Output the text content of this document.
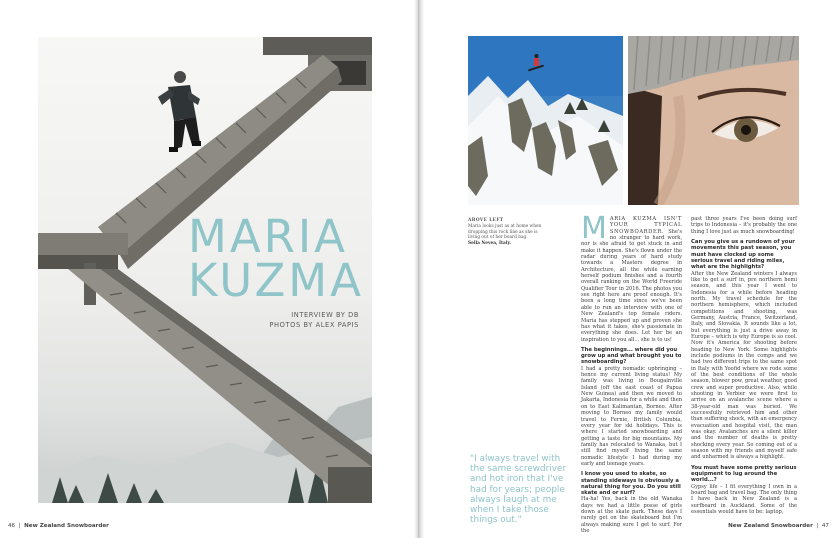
MARIA
KUZMA
INTERVIEW BY DB
PHOTOS BY ALEX PAPIS
46  |  New Zealand Snowboarder
ABOVE LEFT
Maria looks just as at home when dropping this rock line as she is living out of her board bag.
Sella Nevea, Italy.
"I always travel with the same screwdriver and hot iron that I've had for years; people always laugh at me when I take those things out."

M ARIA KUZMA ISN'T YOUR TYPICAL SNOWBOARDER. She's no stranger to hard work, nor is she afraid to get stuck in and make it happen. She's flown under the radar during years of hard study towards a Masters degree in Architecture, all the while earning herself podium finishes and a fourth overall ranking on the World Freeride Qualifier Tour in 2016. The photos you see right here are proof enough. It's been a long time since we've been able to run an interview with one of New Zealand's top female riders. Maria has stepped up and proven she has what it takes, she's passionate in everything she does. Let her be an inspiration to you all... she is to us!

The beginnings... where did you grow up and what brought you to snowboarding?

I had a pretty nomadic upbringing – hence my current living status! My family was living in Bougainville Island (off the east coast of Papua New Guinea) and then we moved to Jakarta, Indonesia for a while and then on to East Kalimantan, Borneo. After moving to Borneo my family would travel to Fernie, British Columbia, every year for ski holidays. This is where I started snowboarding and getting a taste for big mountains. My family has relocated to Wanaka, but I still find myself living the same nomadic lifestyle I had during my early and teenage years.

I know you used to skate, so standing sideways is obviously a natural thing for you. Do you still skate and or surf?

Ha-ha! Yes, back in the old Wanaka days we had a little posse of girls down at the skate park. These days I rarely get on the skateboard but I'm always making sure I get to surf. For the

past three years I've been doing surf trips to Indonesia – it's probably the one thing I love just as much snowboarding!

Can you give us a rundown of your movements this past season, you must have clocked up some serious travel and riding miles, what are the highlights?

After the New Zealand winters I always like to get a surf in, pre northern hemi season, and this year I went to Indonesia for a while before heading north. My travel schedule for the northern hemisphere, which included competitions and shooting, was Germany, Austria, France, Switzerland, Italy, and Slovakia. It sounds like a lot, but everything is just a drive away in Europe – which is why Europe is so cool. Now it's America for shooting before heading to New York. Some highlights include podiums in the comps and we had two different trips to the same spot in Italy with Yoofid where we rode some of the best conditions of the whole season, blower pow, great weather, good crew and super productive. Also, while shooting in Verbier we were first to arrive on an avalanche scene where a 38-year-old man was buried. We successfully retrieved him and other than suffering shock, with an emergency evacuation and hospital visit, the man was okay. Avalanches are a silent killer and the number of deaths is pretty shocking every year. So coming out of a season with my friends and myself safe and unharmed is always a highlight.

You must have some pretty serious equipment to lug around the world...?

Gypsy life – I fit everything I own in a board bag and travel bag. The only thing I have back in New Zealand is a surfboard in Auckland. Some of the essentials would have to be: laptop,

New Zealand Snowboarder  |  47
